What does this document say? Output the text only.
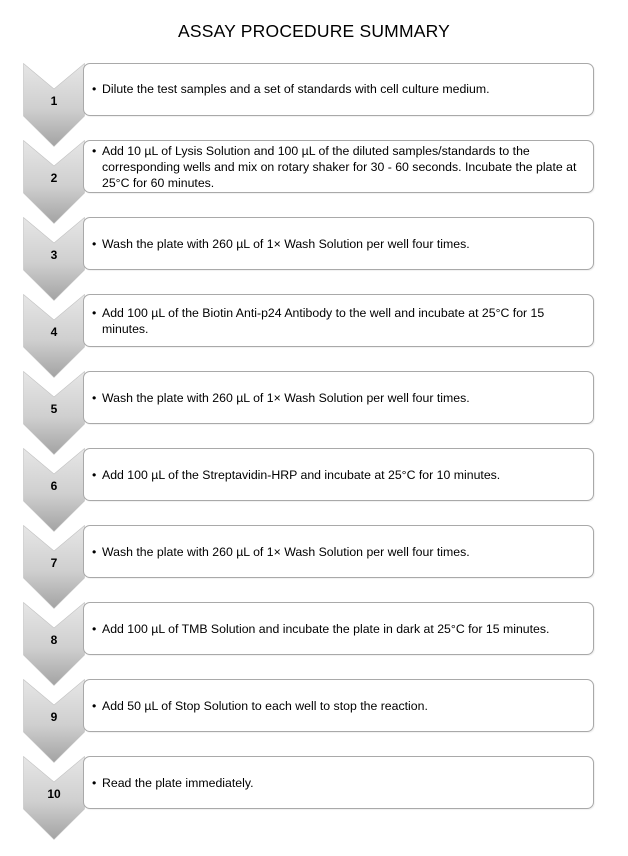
ASSAY PROCEDURE SUMMARY
1
• Dilute the test samples and a set of standards with cell culture medium.
2
• Add 10 µL of Lysis Solution and 100 µL of the diluted samples/standards to the corresponding wells and mix on rotary shaker for 30 - 60 seconds. Incubate the plate at 25°C for 60 minutes.
3
• Wash the plate with 260 µL of 1× Wash Solution per well four times.
4
• Add 100 µL of the Biotin Anti-p24 Antibody to the well and incubate at 25°C for 15 minutes.
5
• Wash the plate with 260 µL of 1× Wash Solution per well four times.
6
• Add 100 µL of the Streptavidin-HRP and incubate at 25°C for 10 minutes.
7
• Wash the plate with 260 µL of 1× Wash Solution per well four times.
8
• Add 100 µL of TMB Solution and incubate the plate in dark at 25°C for 15 minutes.
9
• Add 50 µL of Stop Solution to each well to stop the reaction.
10
• Read the plate immediately.
